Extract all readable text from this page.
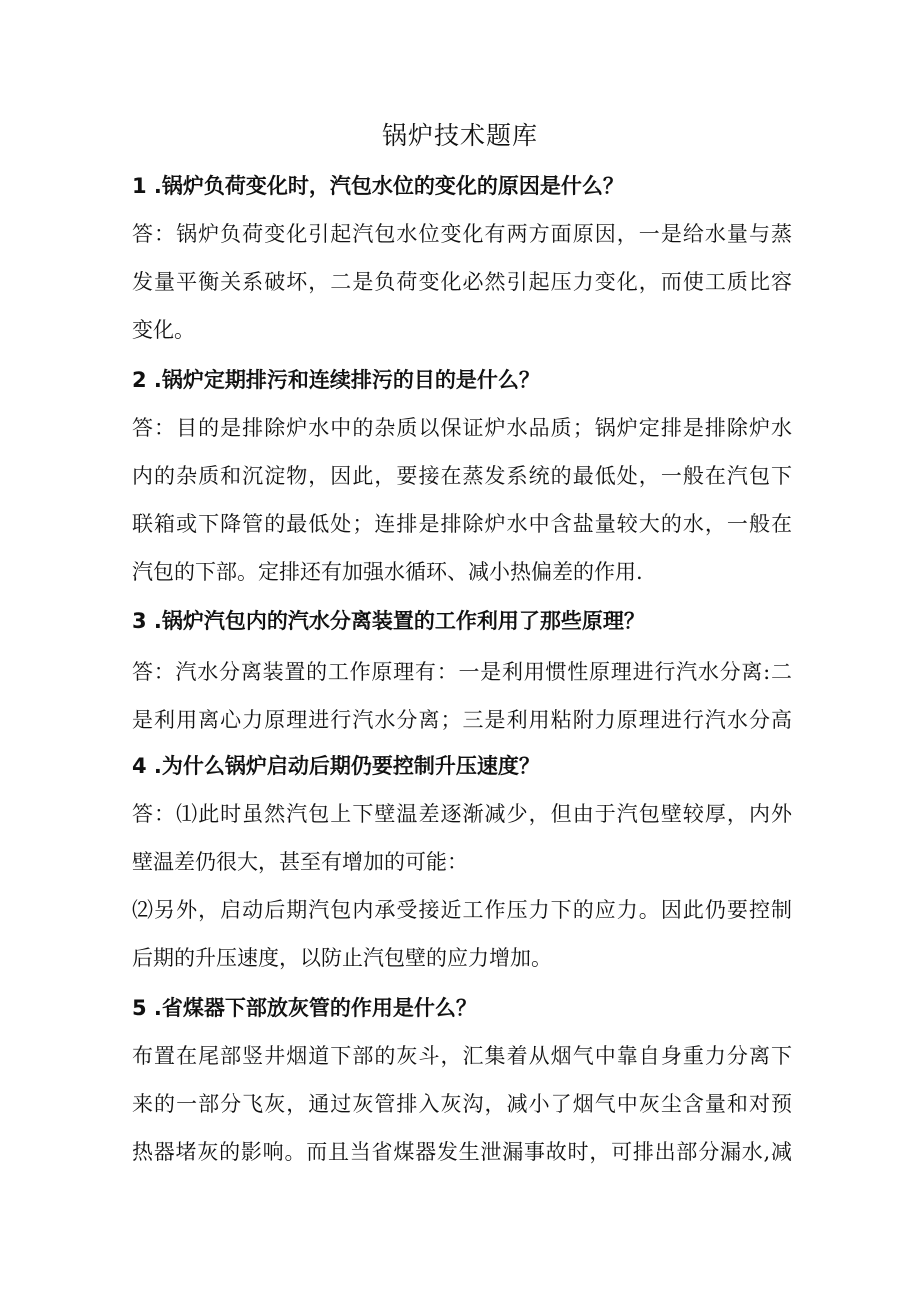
锅炉技术题库
1 .锅炉负荷变化时，汽包水位的变化的原因是什么？
答：锅炉负荷变化引起汽包水位变化有两方面原因，一是给水量与蒸
发量平衡关系破坏，二是负荷变化必然引起压力变化，而使工质比容
变化。
2 .锅炉定期排污和连续排污的目的是什么？
答：目的是排除炉水中的杂质以保证炉水品质；锅炉定排是排除炉水
内的杂质和沉淀物，因此，要接在蒸发系统的最低处，一般在汽包下
联箱或下降管的最低处；连排是排除炉水中含盐量较大的水，一般在
汽包的下部。定排还有加强水循环、减小热偏差的作用.
3 .锅炉汽包内的汽水分离装置的工作利用了那些原理？
答：汽水分离装置的工作原理有：一是利用惯性原理进行汽水分离:二
是利用离心力原理进行汽水分离；三是利用粘附力原理进行汽水分高
4 .为什么锅炉启动后期仍要控制升压速度？
答：⑴此时虽然汽包上下壁温差逐渐减少，但由于汽包壁较厚，内外
壁温差仍很大，甚至有增加的可能：
⑵另外，启动后期汽包内承受接近工作压力下的应力。因此仍要控制
后期的升压速度，以防止汽包壁的应力增加。
5 .省煤器下部放灰管的作用是什么？
布置在尾部竖井烟道下部的灰斗，汇集着从烟气中靠自身重力分离下
来的一部分飞灰，通过灰管排入灰沟，减小了烟气中灰尘含量和对预
热器堵灰的影响。而且当省煤器发生泄漏事故时，可排出部分漏水,减
